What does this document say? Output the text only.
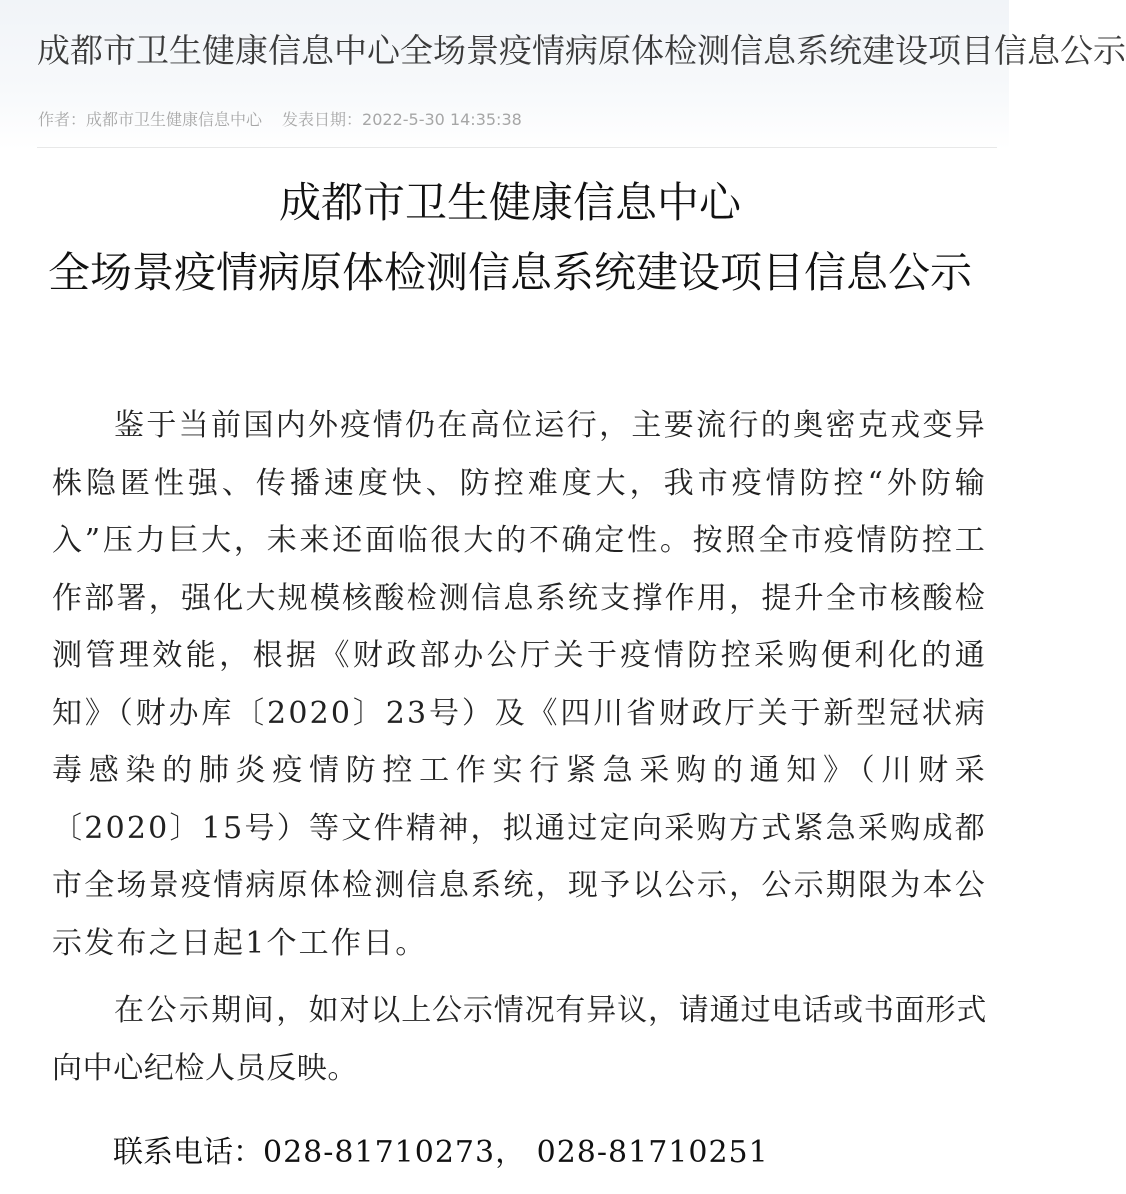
成都市卫生健康信息中心全场景疫情病原体检测信息系统建设项目信息公示
作者：成都市卫生健康信息中心 发表日期：2022-5-30 14:35:38
成都市卫生健康信息中心
全场景疫情病原体检测信息系统建设项目信息公示

鉴于当前国内外疫情仍在高位运行，主要流行的奥密克戎变异株隐匿性强、传播速度快、防控难度大，我市疫情防控“外防输入”压力巨大，未来还面临很大的不确定性。按照全市疫情防控工作部署，强化大规模核酸检测信息系统支撑作用，提升全市核酸检测管理效能，根据《财政部办公厅关于疫情防控采购便利化的通知》（财办库〔2020〕23号）及《四川省财政厅关于新型冠状病毒感染的肺炎疫情防控工作实行紧急采购的通知》（川财采〔2020〕15号）等文件精神，拟通过定向采购方式紧急采购成都市全场景疫情病原体检测信息系统，现予以公示，公示期限为本公示发布之日起1个工作日。

在公示期间，如对以上公示情况有异议，请通过电话或书面形式向中心纪检人员反映。

联系电话：028-81710273， 028-81710251
